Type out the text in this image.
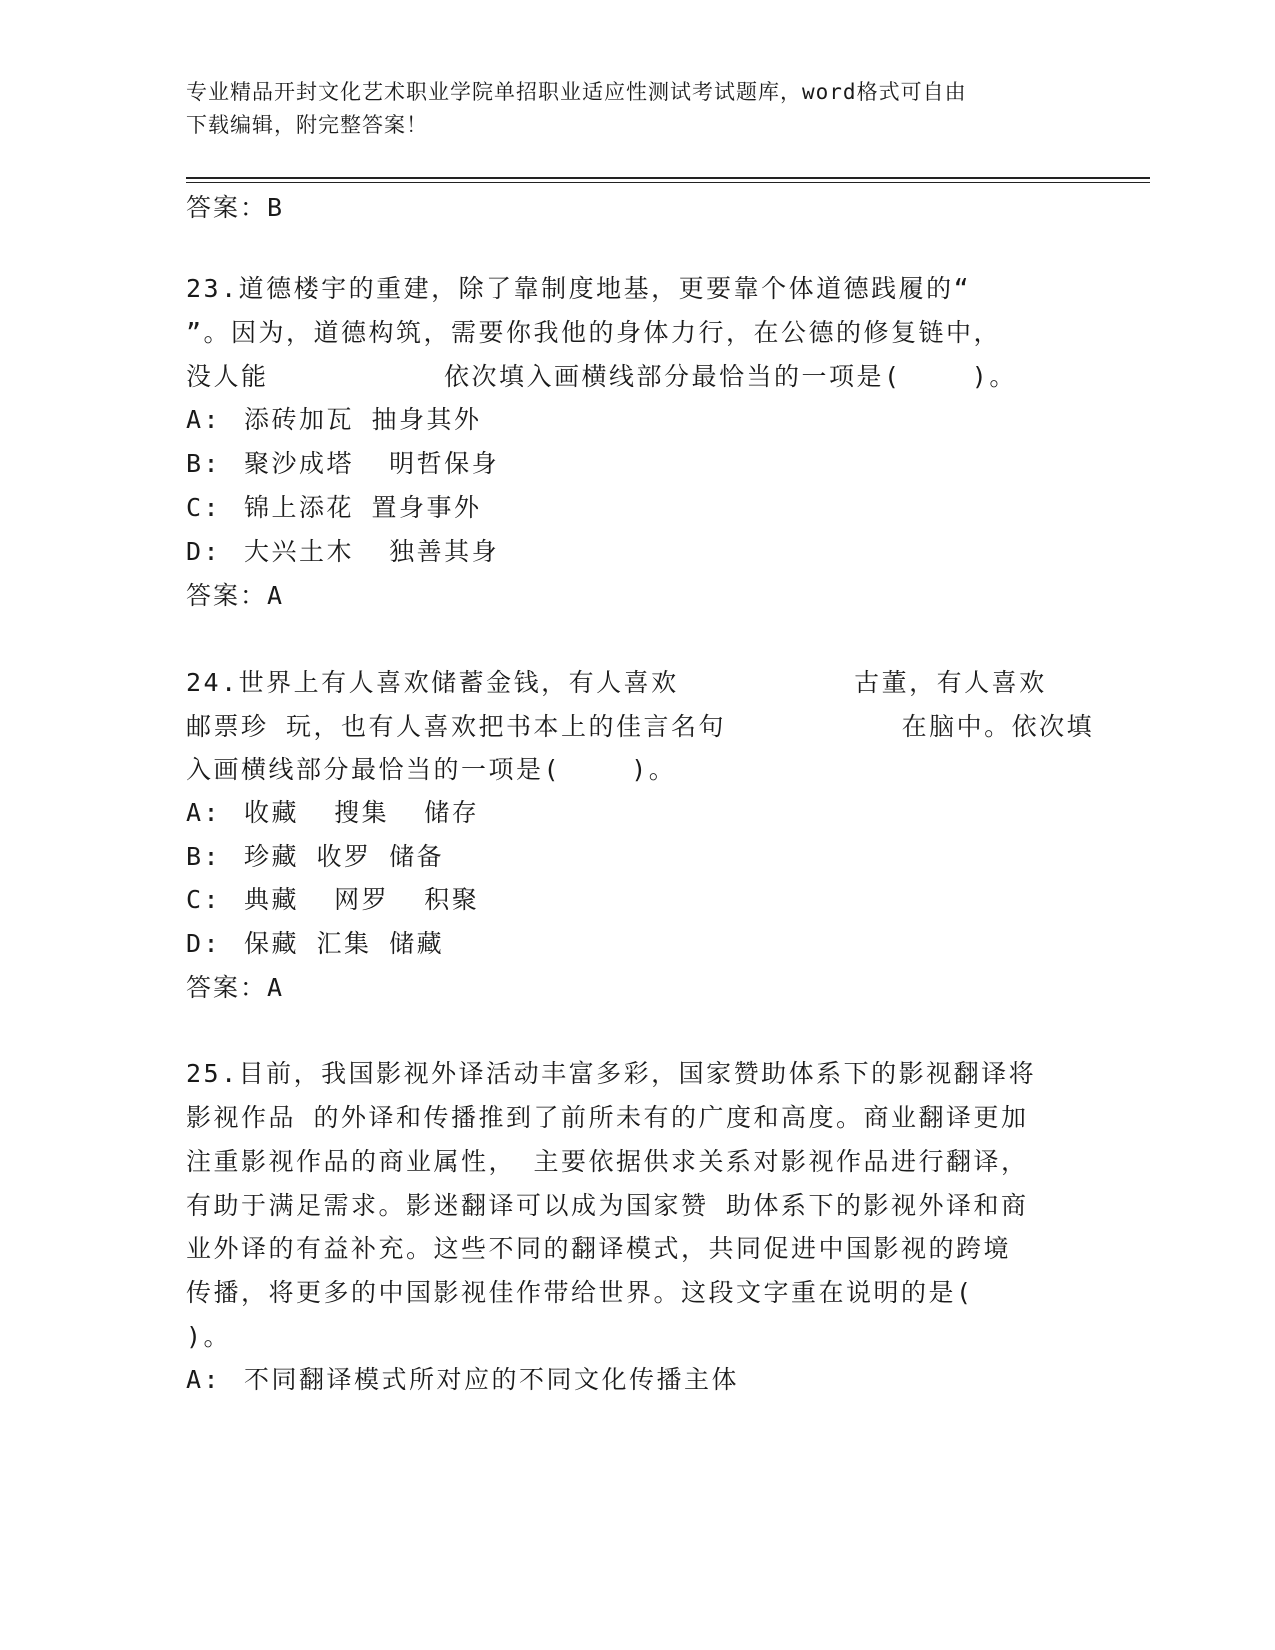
专业精品开封文化艺术职业学院单招职业适应性测试考试题库，word格式可自由
下载编辑，附完整答案！
答案：B
23.道德楼宇的重建，除了靠制度地基，更要靠个体道德践履的“
”。因为，道德构筑，需要你我他的身体力行，在公德的修复链中，
没人能          依次填入画横线部分最恰当的一项是(    )。
A: 添砖加瓦 抽身其外
B: 聚沙成塔  明哲保身
C: 锦上添花 置身事外
D: 大兴土木  独善其身
答案：A
24.世界上有人喜欢储蓄金钱，有人喜欢          古董，有人喜欢
邮票珍 玩，也有人喜欢把书本上的佳言名句          在脑中。依次填
入画横线部分最恰当的一项是(    )。
A: 收藏  搜集  储存
B: 珍藏 收罗 储备
C: 典藏  网罗  积聚
D: 保藏 汇集 储藏
答案：A
25.目前，我国影视外译活动丰富多彩，国家赞助体系下的影视翻译将
影视作品 的外译和传播推到了前所未有的广度和高度。商业翻译更加
注重影视作品的商业属性， 主要依据供求关系对影视作品进行翻译，
有助于满足需求。影迷翻译可以成为国家赞 助体系下的影视外译和商
业外译的有益补充。这些不同的翻译模式，共同促进中国影视的跨境
传播，将更多的中国影视佳作带给世界。这段文字重在说明的是(
)。
A: 不同翻译模式所对应的不同文化传播主体
